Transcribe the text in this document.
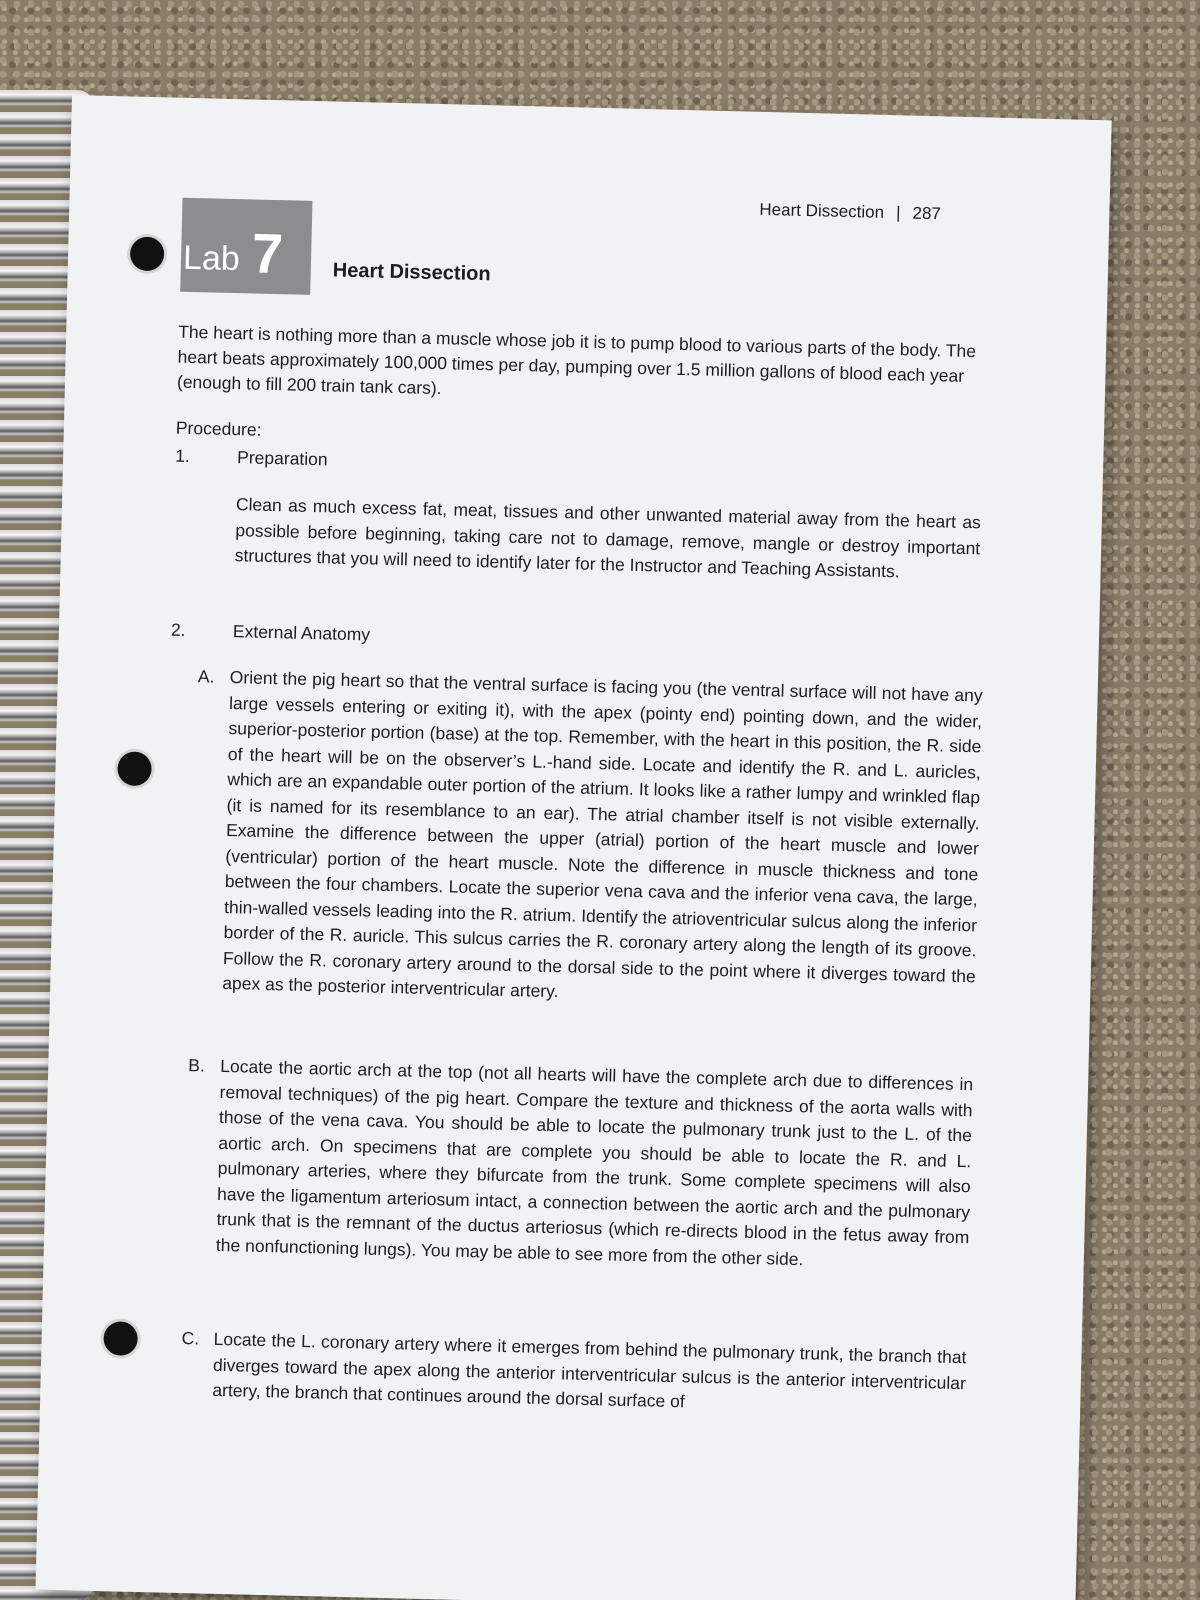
Heart Dissection | 287
Lab 7 Heart Dissection

The heart is nothing more than a muscle whose job it is to pump blood to various parts of the body. The heart beats approximately 100,000 times per day, pumping over 1.5 million gallons of blood each year (enough to fill 200 train tank cars).

Procedure:
1.	Preparation

Clean as much excess fat, meat, tissues and other unwanted material away from the heart as possible before beginning, taking care not to damage, remove, mangle or destroy important structures that you will need to identify later for the Instructor and Teaching Assistants.

2.	External Anatomy
A. Orient the pig heart so that the ventral surface is facing you (the ventral surface will not have any large vessels entering or exiting it), with the apex (pointy end) pointing down, and the wider, superior-posterior portion (base) at the top. Remember, with the heart in this position, the R. side of the heart will be on the observer’s L.-hand side. Locate and identify the R. and L. auricles, which are an expandable outer portion of the atrium. It looks like a rather lumpy and wrinkled flap (it is named for its resemblance to an ear). The atrial chamber itself is not visible externally. Examine the difference between the upper (atrial) portion of the heart muscle and lower (ventricular) portion of the heart muscle. Note the difference in muscle thickness and tone between the four chambers. Locate the superior vena cava and the inferior vena cava, the large, thin-walled vessels leading into the R. atrium. Identify the atrioventricular sulcus along the inferior border of the R. auricle. This sulcus carries the R. coronary artery along the length of its groove. Follow the R. coronary artery around to the dorsal side to the point where it diverges toward the apex as the posterior interventricular artery.

B. Locate the aortic arch at the top (not all hearts will have the complete arch due to differences in removal techniques) of the pig heart. Compare the texture and thickness of the aorta walls with those of the vena cava. You should be able to locate the pulmonary trunk just to the L. of the aortic arch. On specimens that are complete you should be able to locate the R. and L. pulmonary arteries, where they bifurcate from the trunk. Some complete specimens will also have the ligamentum arteriosum intact, a connection between the aortic arch and the pulmonary trunk that is the remnant of the ductus arteriosus (which re-directs blood in the fetus away from the nonfunctioning lungs). You may be able to see more from the other side.

C. Locate the L. coronary artery where it emerges from behind the pulmonary trunk, the branch that diverges toward the apex along the anterior interventricular sulcus is the anterior interventricular artery, the branch that continues around the dorsal surface of
